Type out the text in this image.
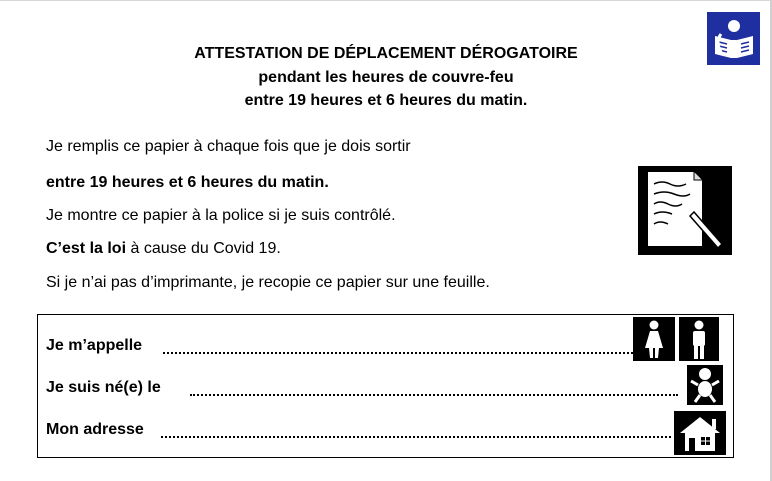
ATTESTATION DE DÉPLACEMENT DÉROGATOIRE
pendant les heures de couvre-feu
entre 19 heures et 6 heures du matin.
Je remplis ce papier à chaque fois que je dois sortir
entre 19 heures et 6 heures du matin.
Je montre ce papier à la police si je suis contrôlé.
C’est la loi à cause du Covid 19.
Si je n’ai pas d’imprimante, je recopie ce papier sur une feuille.
Je m’appelle
Je suis né(e) le
Mon adresse
